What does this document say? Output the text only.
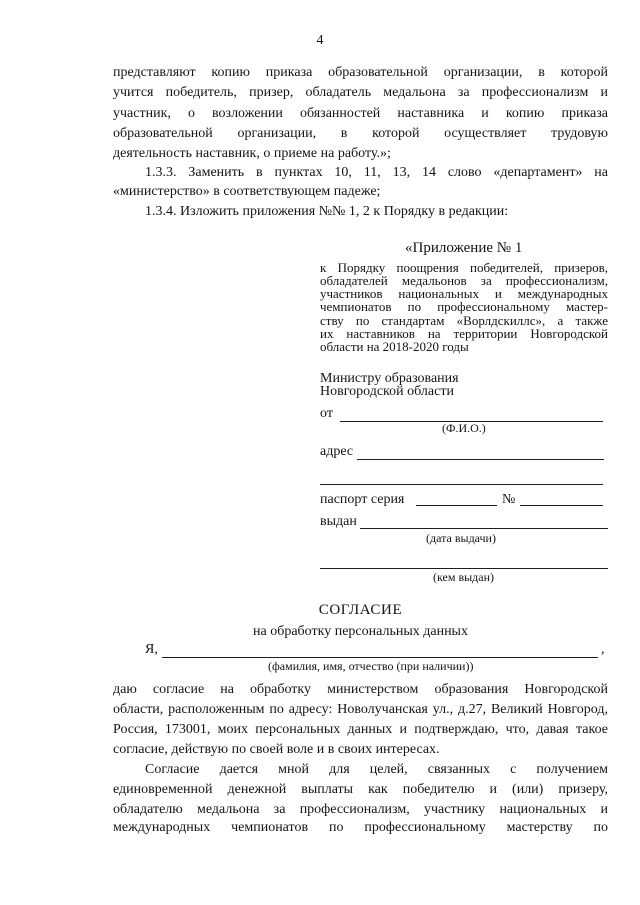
4
представляют копию приказа образовательной организации, в которой
учится победитель, призер, обладатель медальона за профессионализм и
участник, о возложении обязанностей наставника и копию приказа
образовательной организации, в которой осуществляет трудовую
деятельность наставник, о приеме на работу.»;
1.3.3. Заменить в пунктах 10, 11, 13, 14 слово «департамент» на
«министерство» в соответствующем падеже;
1.3.4. Изложить приложения №№ 1, 2 к Порядку в редакции:
«Приложение № 1
к Порядку поощрения победителей, призеров,
обладателей медальонов за профессионализм,
участников национальных и международных
чемпионатов по профессиональному мастер-
ству по стандартам «Ворлдскиллс», а также
их наставников на территории Новгородской
области на 2018-2020 годы
Министру образования
Новгородской области
от
(Ф.И.О.)
адрес
паспорт серия	№
выдан
(дата выдачи)
(кем выдан)
СОГЛАСИЕ
на обработку персональных данных
Я,	,
(фамилия, имя, отчество (при наличии))
даю согласие на обработку министерством образования Новгородской
области, расположенным по адресу: Новолучанская ул., д.27, Великий Новгород,
Россия, 173001, моих персональных данных и подтверждаю, что, давая такое
согласие, действую по своей воле и в своих интересах.
Согласие дается мной для целей, связанных с получением
единовременной денежной выплаты как победителю и (или) призеру,
обладателю медальона за профессионализм, участнику национальных и
международных чемпионатов по профессиональному мастерству по
